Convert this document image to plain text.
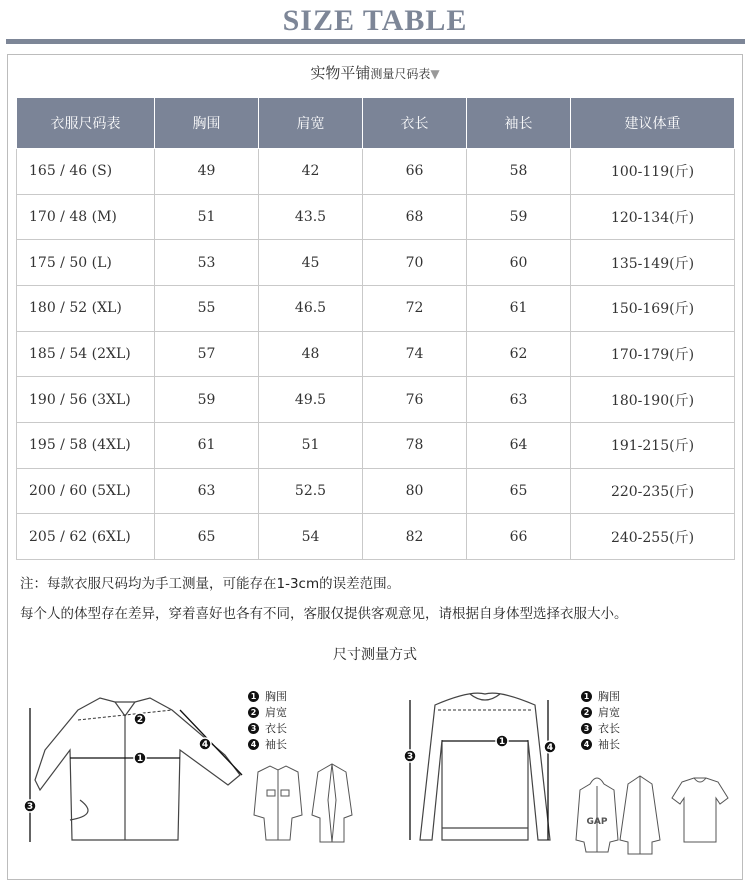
SIZE TABLE
实物平铺测量尺码表▼
衣服尺码表	胸围	肩宽	衣长	袖长	建议体重
165 / 46 (S)	49	42	66	58	100-119(斤)
170 / 48 (M)	51	43.5	68	59	120-134(斤)
175 / 50 (L)	53	45	70	60	135-149(斤)
180 / 52 (XL)	55	46.5	72	61	150-169(斤)
185 / 54 (2XL)	57	48	74	62	170-179(斤)
190 / 56 (3XL)	59	49.5	76	63	180-190(斤)
195 / 58 (4XL)	61	51	78	64	191-215(斤)
200 / 60 (5XL)	63	52.5	80	65	220-235(斤)
205 / 62 (6XL)	65	54	82	66	240-255(斤)
注：每款衣服尺码均为手工测量，可能存在1-3cm的误差范围。
每个人的体型存在差异，穿着喜好也各有不同，客服仅提供客观意见，请根据自身体型选择衣服大小。
尺寸测量方式
1
2
3
4
1 胸围
2 肩宽
3 衣长
4 袖长	1
3
4
1 胸围
2 肩宽
3 衣长
4 袖长
GAP
